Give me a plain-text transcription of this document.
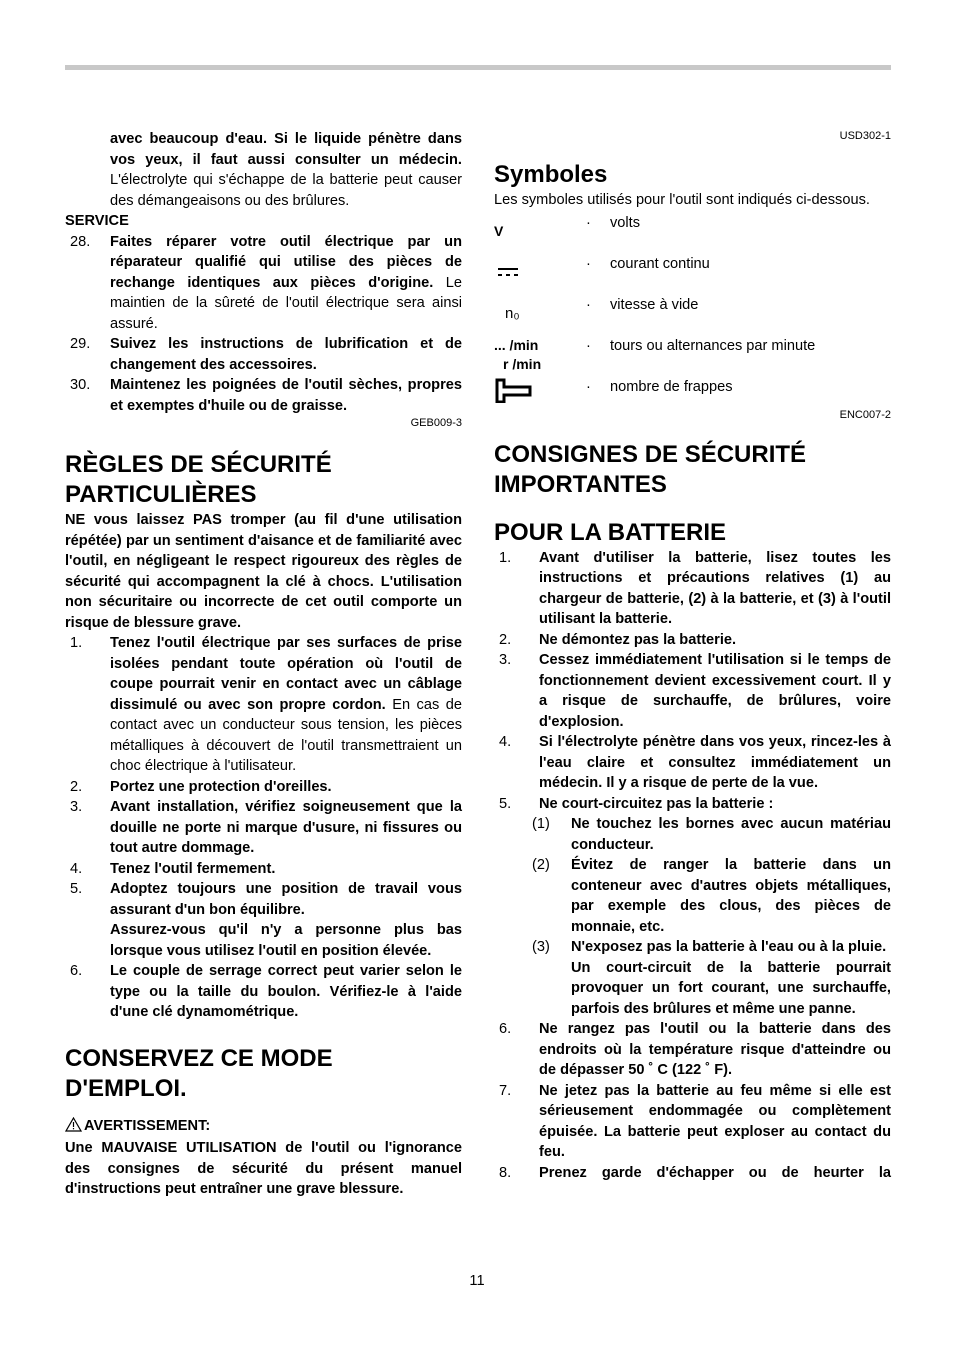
avec beaucoup d'eau. Si le liquide pénètre dans vos yeux, il faut aussi consulter un médecin. L'électrolyte qui s'échappe de la batterie peut causer des démangeaisons ou des brûlures.

SERVICE

28.	Faites réparer votre outil électrique par un réparateur qualifié qui utilise des pièces de rechange identiques aux pièces d'origine. Le maintien de la sûreté de l'outil électrique sera ainsi assuré.
29.	Suivez les instructions de lubrification et de changement des accessoires.
30.	Maintenez les poignées de l'outil sèches, propres et exemptes d'huile ou de graisse.

GEB009-3

RÈGLES DE SÉCURITÉ
PARTICULIÈRES

NE vous laissez PAS tromper (au fil d'une utilisation répétée) par un sentiment d'aisance et de familiarité avec l'outil, en négligeant le respect rigoureux des règles de sécurité qui accompagnent la clé à chocs. L'utilisation non sécuritaire ou incorrecte de cet outil comporte un risque de blessure grave.

1.	Tenez l'outil électrique par ses surfaces de prise isolées pendant toute opération où l'outil de coupe pourrait venir en contact avec un câblage dissimulé ou avec son propre cordon. En cas de contact avec un conducteur sous tension, les pièces métalliques à découvert de l'outil transmettraient un choc électrique à l'utilisateur.
2.	Portez une protection d'oreilles.
3.	Avant installation, vérifiez soigneusement que la douille ne porte ni marque d'usure, ni fissures ou tout autre dommage.
4.	Tenez l'outil fermement.
5.	Adoptez toujours une position de travail vous assurant d'un bon équilibre.
Assurez-vous qu'il n'y a personne plus bas lorsque vous utilisez l'outil en position élevée.
6.	Le couple de serrage correct peut varier selon le type ou la taille du boulon. Vérifiez-le à l'aide d'une clé dynamométrique.
CONSERVEZ CE MODE
D'EMPLOI.

AVERTISSEMENT:

Une MAUVAISE UTILISATION de l'outil ou l'ignorance des consignes de sécurité du présent manuel d'instructions peut entraîner une grave blessure.

USD302-1

Symboles

Les symboles utilisés pour l'outil sont indiqués ci-dessous.

V	·	volts
·	courant continu
n₀	·	vitesse à vide
... /min
r /min
·	tours ou alternances par minute
·	nombre de frappes

ENC007-2

CONSIGNES DE SÉCURITÉ
IMPORTANTES
POUR LA BATTERIE
1.	Avant d'utiliser la batterie, lisez toutes les instructions et précautions relatives (1) au chargeur de batterie, (2) à la batterie, et (3) à l'outil utilisant la batterie.
2.	Ne démontez pas la batterie.
3.	Cessez immédiatement l'utilisation si le temps de fonctionnement devient excessivement court. Il y a risque de surchauffe, de brûlures, voire d'explosion.
4.	Si l'électrolyte pénètre dans vos yeux, rincez-les à l'eau claire et consultez immédiatement un médecin. Il y a risque de perte de la vue.
5.	Ne court-circuitez pas la batterie :
(1)	Ne touchez les bornes avec aucun matériau conducteur.
(2)	Évitez de ranger la batterie dans un conteneur avec d'autres objets métalliques, par exemple des clous, des pièces de monnaie, etc.
(3)	N'exposez pas la batterie à l'eau ou à la pluie.
Un court-circuit de la batterie pourrait provoquer un fort courant, une surchauffe, parfois des brûlures et même une panne.
6.	Ne rangez pas l'outil ou la batterie dans des endroits où la température risque d'atteindre ou de dépasser 50 ˚ C (122 ˚ F).
7.	Ne jetez pas la batterie au feu même si elle est sérieusement endommagée ou complètement épuisée. La batterie peut exploser au contact du feu.
8.	Prenez garde d'échapper ou de heurter la
11
